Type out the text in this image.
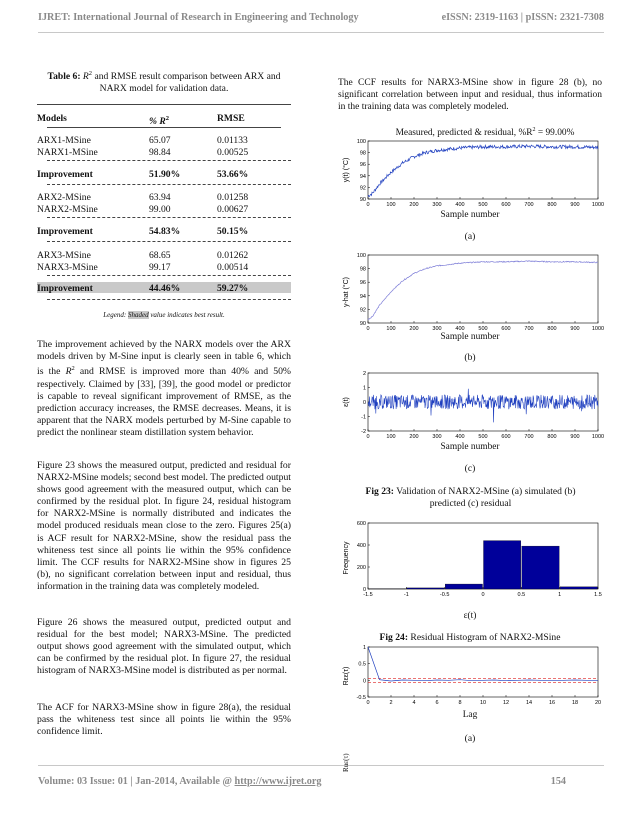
IJRET: International Journal of Research in Engineering and Technology	eISSN: 2319-1163 | pISSN: 2321-7308
Table 6: $R^2$ and RMSE result comparison between ARX and NARX model for validation data.
Models	% $R^2$	RMSE
ARX1-MSine	65.07	0.01133
NARX1-MSine	98.84	0.00525
Improvement	51.90%	53.66%
ARX2-MSine	63.94	0.01258
NARX2-MSine	99.00	0.00627
Improvement	54.83%	50.15%
ARX3-MSine	68.65	0.01262
NARX3-MSine	99.17	0.00514
Improvement	44.46%	59.27%
Legend: Shaded value indicates best result.
The improvement achieved by the NARX models over the ARX models driven by M-Sine input is clearly seen in table 6, which is the $R^2$ and RMSE is improved more than 40% and 50% respectively. Claimed by [33], [39], the good model or predictor is capable to reveal significant improvement of RMSE, as the prediction accuracy increases, the RMSE decreases. Means, it is apparent that the NARX models perturbed by M-Sine capable to predict the nonlinear steam distillation system behavior.
Figure 23 shows the measured output, predicted and residual for NARX2-MSine models; second best model. The predicted output shows good agreement with the measured output, which can be confirmed by the residual plot. In figure 24, residual histogram for NARX2-MSine is normally distributed and indicates the model produced residuals mean close to the zero. Figures 25(a) is ACF result for NARX2-MSine, show the residual pass the whiteness test since all points lie within the 95% confidence limit. The CCF results for NARX2-MSine show in figures 25 (b), no significant correlation between input and residual, thus information in the training data was completely modeled.
Figure 26 shows the measured output, predicted output and residual for the best model; NARX3-MSine. The predicted output shows good agreement with the simulated output, which can be confirmed by the residual plot. In figure 27, the residual histogram of NARX3-MSine model is distributed as per normal.
The ACF for NARX3-MSine show in figure 28(a), the residual pass the whiteness test since all points lie within the 95% confidence limit.
The CCF results for NARX3-MSine show in figure 28 (b), no significant correlation between input and residual, thus information in the training data was completely modeled.
Measured, predicted & residual, $\%R^2 = 99.00\%$
y(t) (°C)
0	100	200	300	400	500	600	700	800	900 1000
100
98
96
94
92
90
Sample number
(a)
y-hat (°C)
0	100	200	300	400	500	600	700	800	900 1000
100
98
96
94
92
90
Sample number
(b)
ε(t)
0	100	200	300	400	500	600	700	800	900 1000
2
1
0
-1
-2
Sample number
(c)
Fig 23: Validation of NARX2-MSine (a) simulated (b) predicted (c) residual
Frequency
-1.5	-1	-0.5	0	0.5	1	1.5
600
400
200
0
ε(t)
Fig 24: Residual Histogram of NARX2-MSine
Rεε(τ)
0	2	4	6	8	10	12	14	16	18	20
1
0.5
0
-0.5
Lag
(a)
Ruε(τ)
Volume: 03 Issue: 01 | Jan-2014, Available @ http://www.ijret.org	154
